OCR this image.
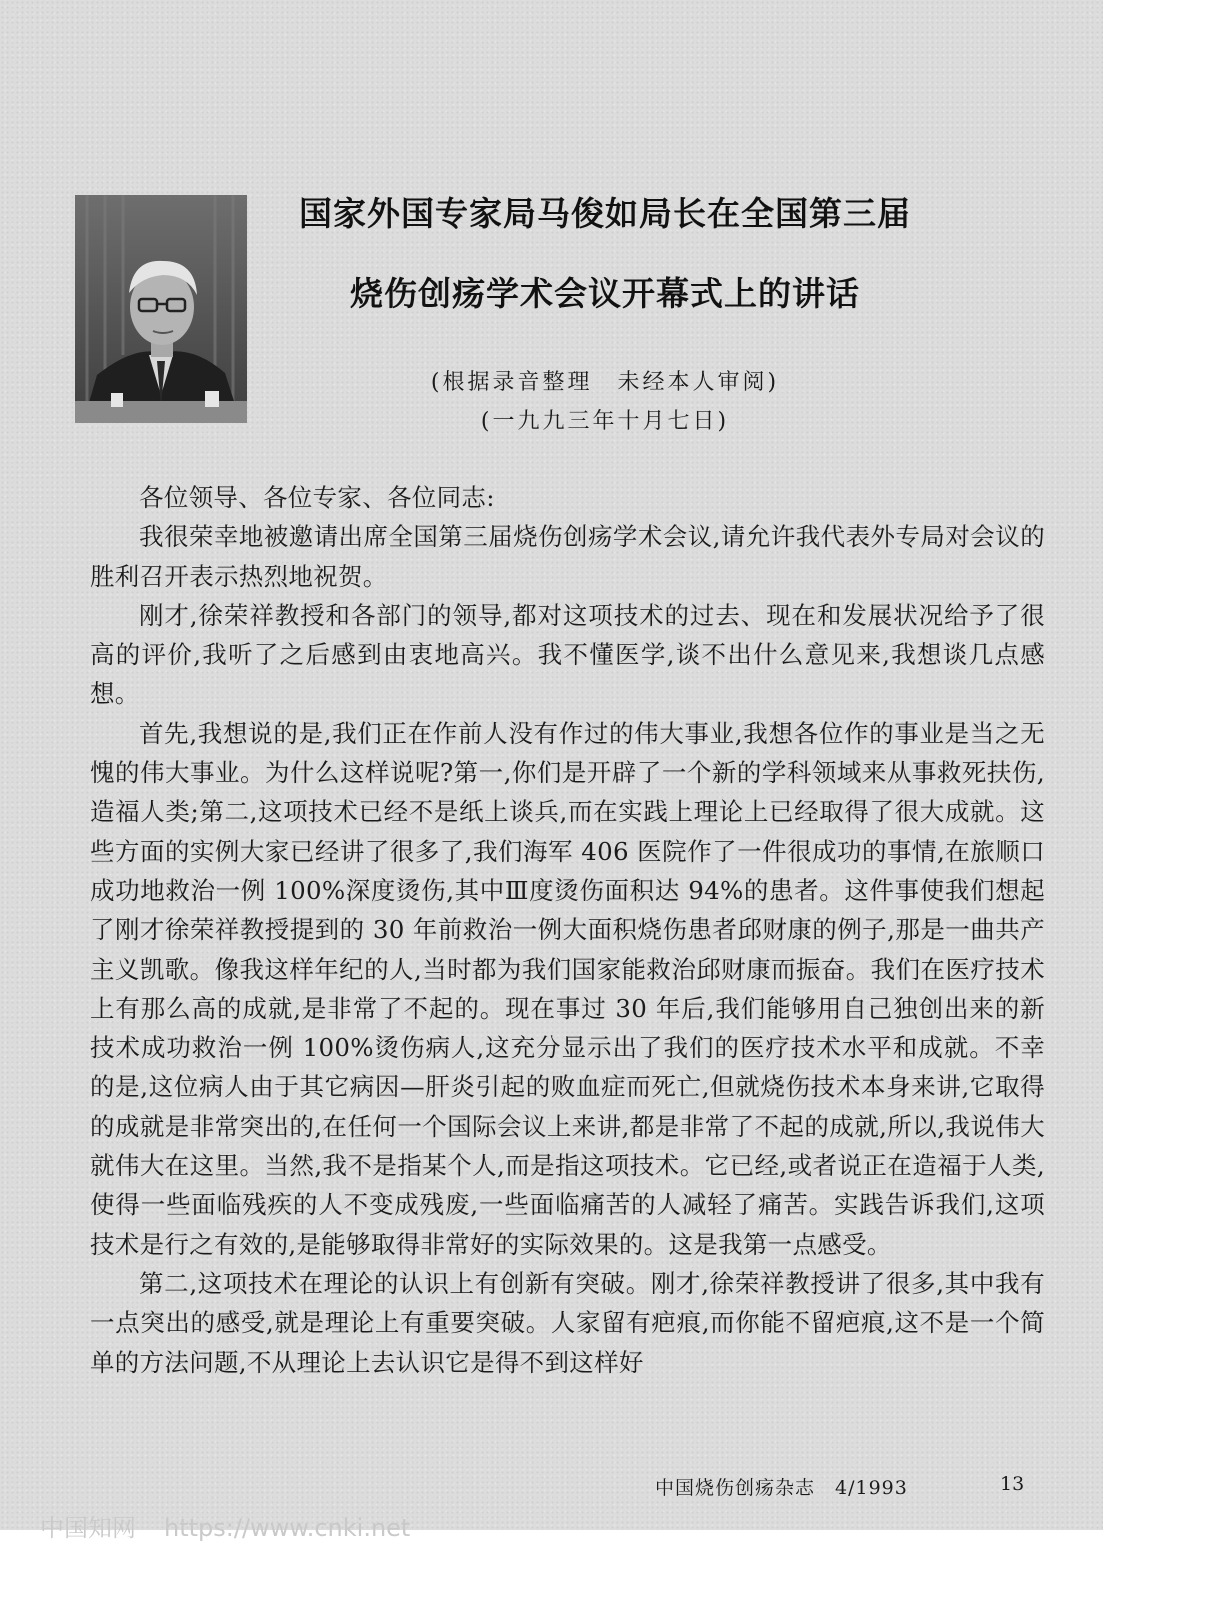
国家外国专家局马俊如局长在全国第三届
烧伤创疡学术会议开幕式上的讲话
(根据录音整理　未经本人审阅)
(一九九三年十月七日)

各位领导、各位专家、各位同志:

我很荣幸地被邀请出席全国第三届烧伤创疡学术会议,请允许我代表外专局对会议的胜利召开表示热烈地祝贺。

刚才,徐荣祥教授和各部门的领导,都对这项技术的过去、现在和发展状况给予了很高的评价,我听了之后感到由衷地高兴。我不懂医学,谈不出什么意见来,我想谈几点感想。

首先,我想说的是,我们正在作前人没有作过的伟大事业,我想各位作的事业是当之无愧的伟大事业。为什么这样说呢?第一,你们是开辟了一个新的学科领域来从事救死扶伤,造福人类;第二,这项技术已经不是纸上谈兵,而在实践上理论上已经取得了很大成就。这些方面的实例大家已经讲了很多了,我们海军 406 医院作了一件很成功的事情,在旅顺口成功地救治一例 100%深度烫伤,其中Ⅲ度烫伤面积达 94%的患者。这件事使我们想起了刚才徐荣祥教授提到的 30 年前救治一例大面积烧伤患者邱财康的例子,那是一曲共产主义凯歌。像我这样年纪的人,当时都为我们国家能救治邱财康而振奋。我们在医疗技术上有那么高的成就,是非常了不起的。现在事过 30 年后,我们能够用自己独创出来的新技术成功救治一例 100%烫伤病人,这充分显示出了我们的医疗技术水平和成就。不幸的是,这位病人由于其它病因—肝炎引起的败血症而死亡,但就烧伤技术本身来讲,它取得的成就是非常突出的,在任何一个国际会议上来讲,都是非常了不起的成就,所以,我说伟大就伟大在这里。当然,我不是指某个人,而是指这项技术。它已经,或者说正在造福于人类,使得一些面临残疾的人不变成残废,一些面临痛苦的人减轻了痛苦。实践告诉我们,这项技术是行之有效的,是能够取得非常好的实际效果的。这是我第一点感受。

第二,这项技术在理论的认识上有创新有突破。刚才,徐荣祥教授讲了很多,其中我有一点突出的感受,就是理论上有重要突破。人家留有疤痕,而你能不留疤痕,这不是一个简单的方法问题,不从理论上去认识它是得不到这样好

中国烧伤创疡杂志　4/1993	13
中国知网 https://www.cnki.net
